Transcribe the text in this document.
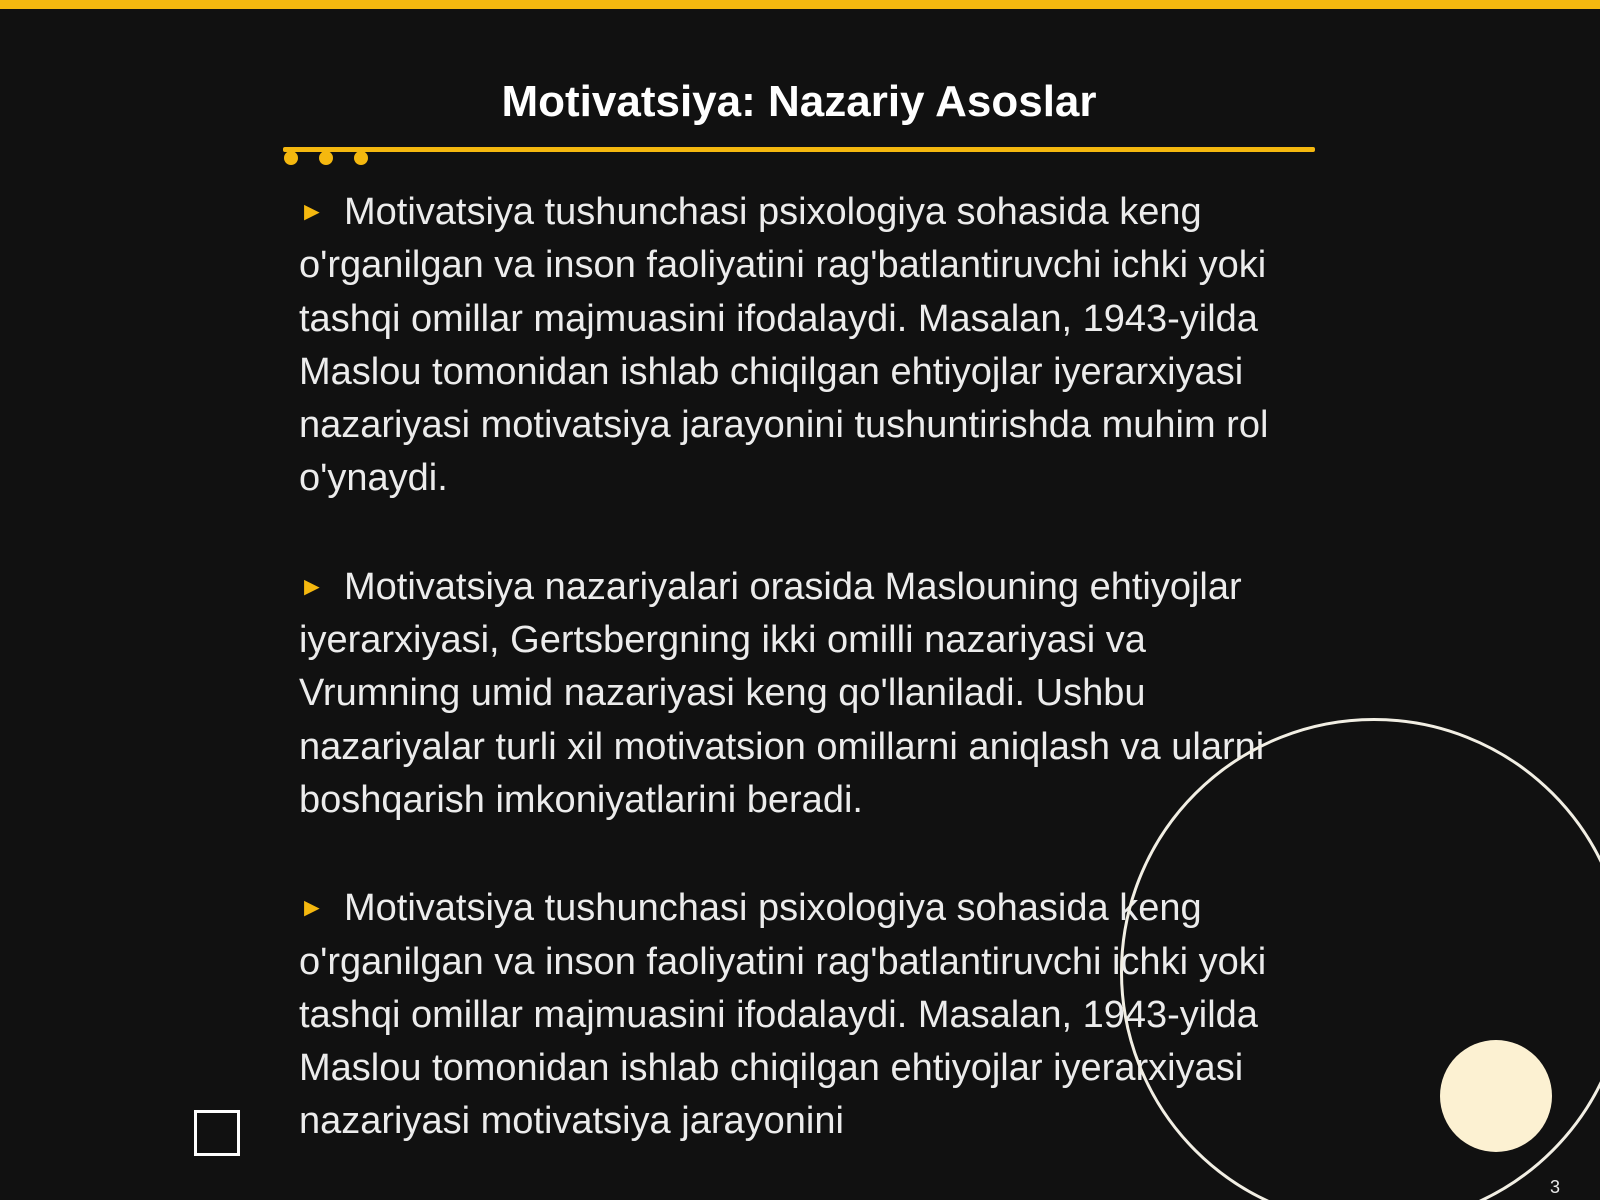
Motivatsiya: Nazariy Asoslar

► Motivatsiya tushunchasi psixologiya sohasida keng o'rganilgan va inson faoliyatini rag'batlantiruvchi ichki yoki tashqi omillar majmuasini ifodalaydi. Masalan, 1943-yilda Maslou tomonidan ishlab chiqilgan ehtiyojlar iyerarxiyasi nazariyasi motivatsiya jarayonini tushuntirishda muhim rol o'ynaydi.

► Motivatsiya nazariyalari orasida Maslouning ehtiyojlar iyerarxiyasi, Gertsbergning ikki omilli nazariyasi va Vrumning umid nazariyasi keng qo'llaniladi. Ushbu nazariyalar turli xil motivatsion omillarni aniqlash va ularni boshqarish imkoniyatlarini beradi.

► Motivatsiya tushunchasi psixologiya sohasida keng o'rganilgan va inson faoliyatini rag'batlantiruvchi ichki yoki tashqi omillar majmuasini ifodalaydi. Masalan, 1943-yilda Maslou tomonidan ishlab chiqilgan ehtiyojlar iyerarxiyasi nazariyasi motivatsiya jarayonini

3
